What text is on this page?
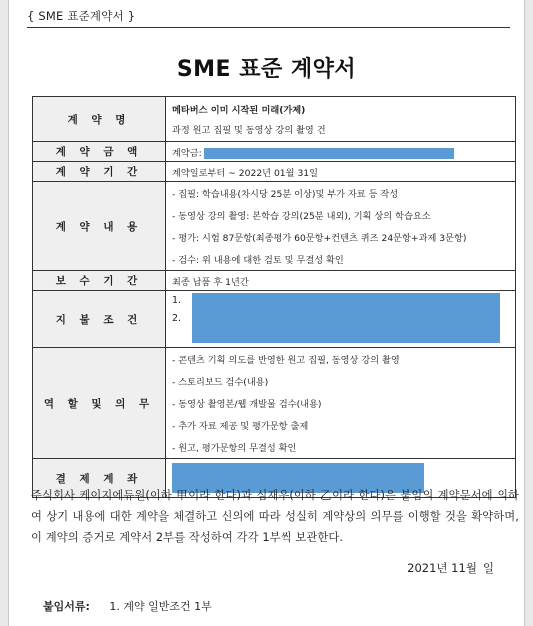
{ SME 표준계약서 }
SME 표준 계약서
계 약 명	메타버스 이미 시작된 미래(가제)
과정 원고 집필 및 동영상 강의 촬영 건

계 약 금 액	계약금:
계 약 기 간	계약일로부터 ~ 2022년 01월 31일
계 약 내 용	- 집필: 학습내용(차시당 25분 이상)및 부가 자료 등 작성
- 동영상 강의 촬영: 본학습 강의(25분 내외), 기획 상의 학습요소
- 평가: 시험 87문항(최종평가 60문항+컨텐츠 퀴즈 24문항+과제 3문항)
- 검수: 위 내용에 대한 검토 및 무결성 확인

보 수 기 간	최종 납품 후 1년간
지 불 조 건	1.
2.

역 할 및 의 무	- 콘텐츠 기획 의도를 반영한 원고 집필, 동영상 강의 촬영
- 스토리보드 검수(내용)
- 동영상 촬영본/웹 개발물 검수(내용)
- 추가 자료 제공 및 평가문항 출제
- 원고, 평가문항의 무결성 확인

결 제 계 좌	
주식회사 케이지에듀원(이하 甲이라 한다)과 심재우(이하 乙이라 한다)은 붙임의 계약문서에 의하여 상기 내용에 대한 계약을 체결하고 신의에 따라 성실히 계약상의 의무를 이행할 것을 확약하며, 이 계약의 증거로 계약서 2부를 작성하여 각각 1부씩 보관한다.
2021년 11월  일
붙임서류: 1. 계약 일반조건 1부
